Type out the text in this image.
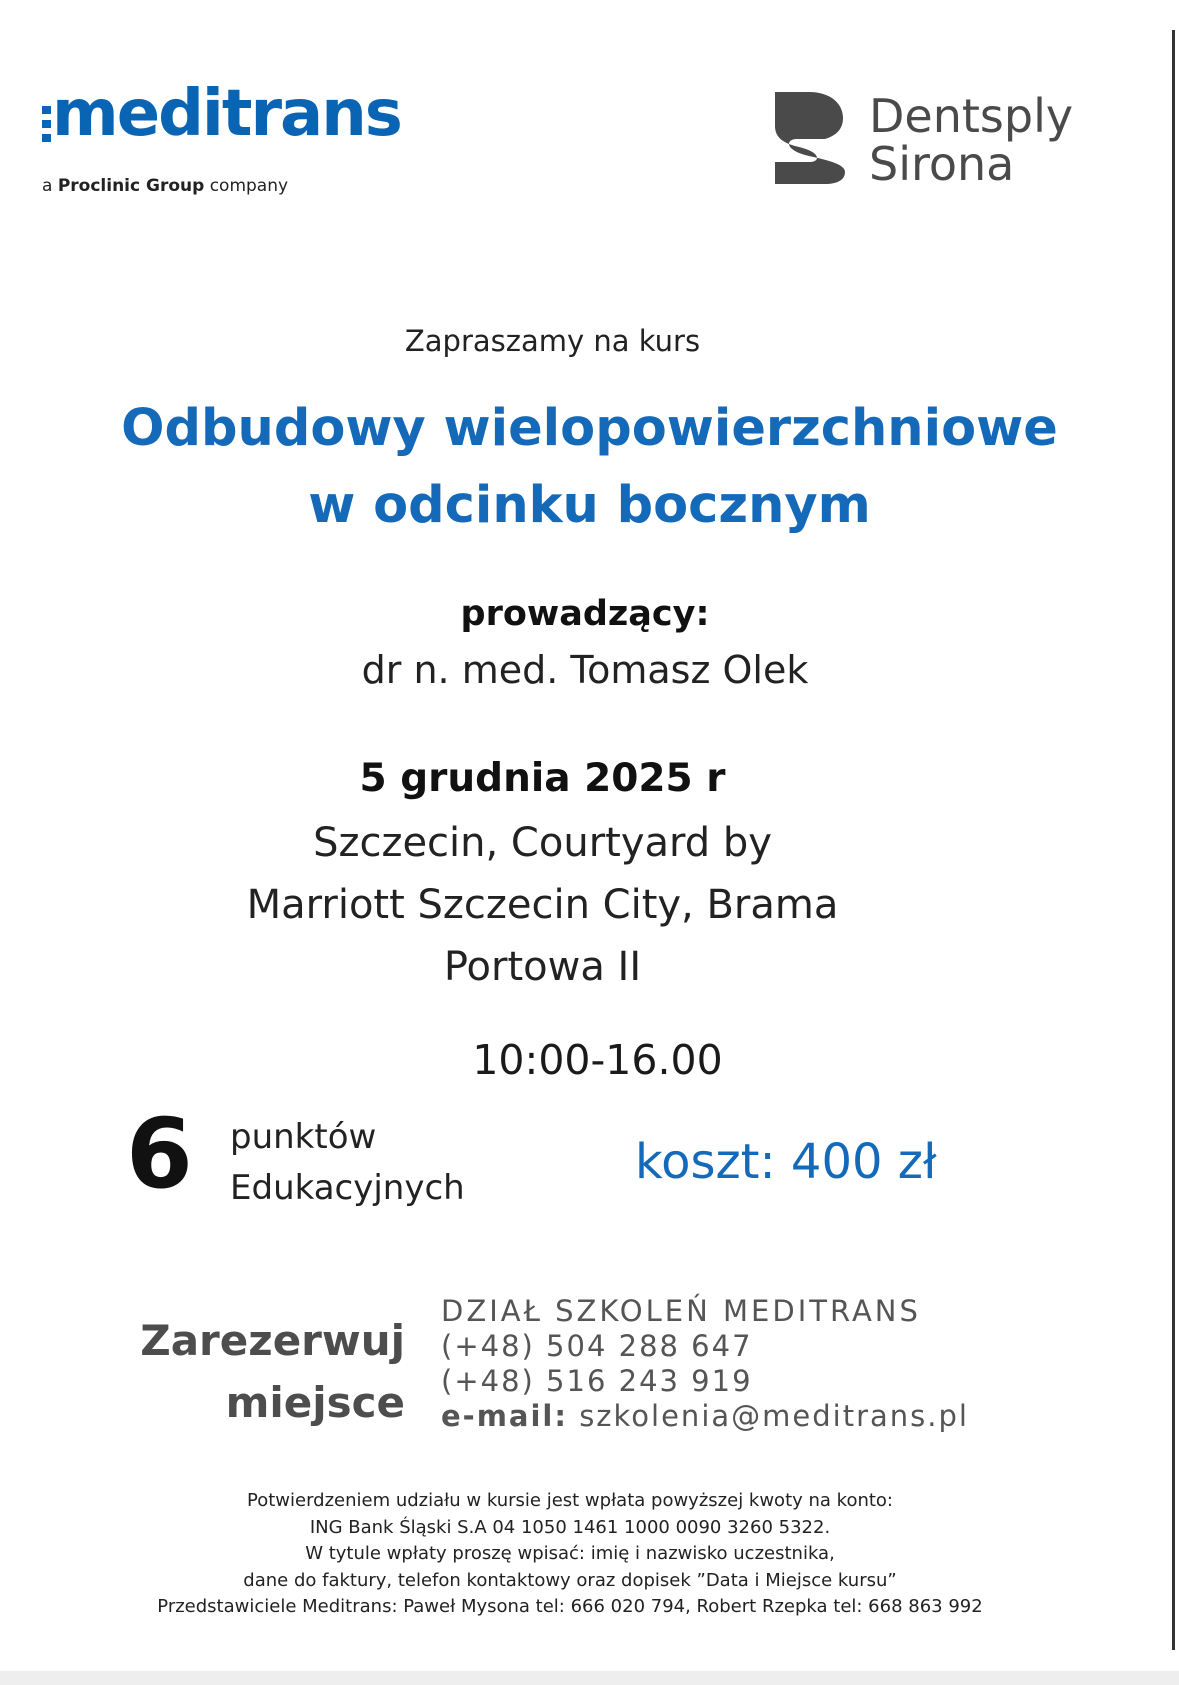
meditrans
a Proclinic Group company
Dentsply
Sirona
Zapraszamy na kurs
Odbudowy wielopowierzchniowe
w odcinku bocznym
prowadzący:
dr n. med. Tomasz Olek
5 grudnia 2025 r
Szczecin, Courtyard by
Marriott Szczecin City, Brama
Portowa II
10:00-16.00
6 punktów
Edukacyjnych	koszt: 400 zł
Zarezerwuj
miejsce
DZIAŁ SZKOLEŃ MEDITRANS
(+48) 504 288 647
(+48) 516 243 919
e-mail: szkolenia@meditrans.pl
Potwierdzeniem udziału w kursie jest wpłata powyższej kwoty na konto:
ING Bank Śląski S.A 04 1050 1461 1000 0090 3260 5322.
W tytule wpłaty proszę wpisać: imię i nazwisko uczestnika,
dane do faktury, telefon kontaktowy oraz dopisek ”Data i Miejsce kursu”
Przedstawiciele Meditrans: Paweł Mysona tel: 666 020 794, Robert Rzepka tel: 668 863 992
